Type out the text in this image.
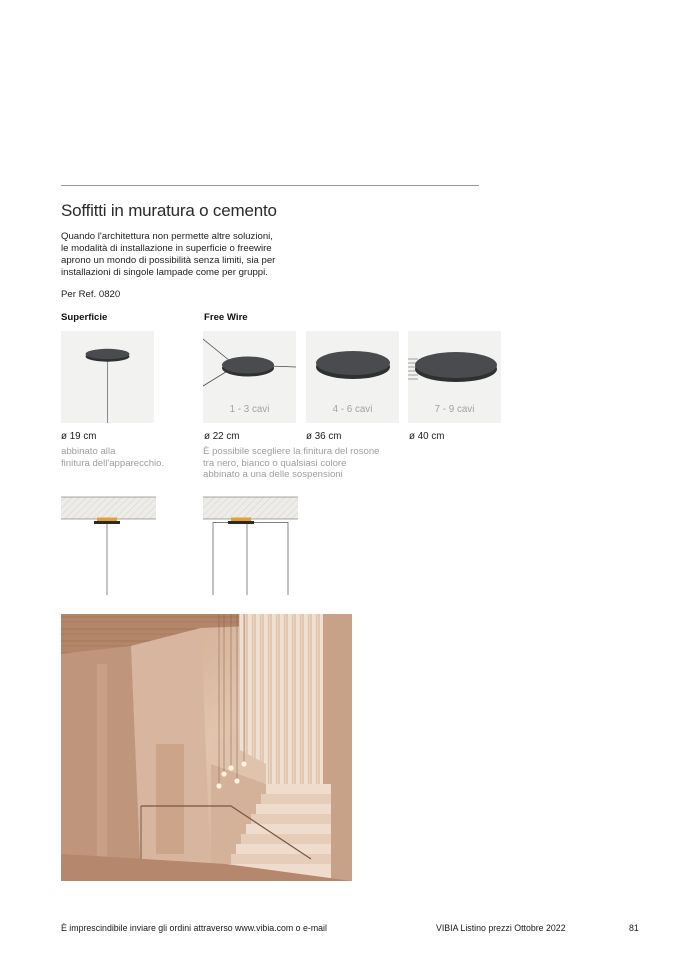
Soffitti in muratura o cemento

Quando l'architettura non permette altre soluzioni,
le modalità di installazione in superficie o freewire
aprono un mondo di possibilità senza limiti, sia per
installazioni di singole lampade come per gruppi.

Per Ref. 0820
Superficie	Free Wire
1 - 3 cavi	4 - 6 cavi	7 - 9 cavi
ø 19 cm	ø 22 cm	ø 36 cm	ø 40 cm

abbinato alla
finitura dell'apparecchio.

È possibile scegliere la finitura del rosone
tra nero, bianco o qualsiasi colore
abbinato a una delle sospensioni

È imprescindibile inviare gli ordini attraverso www.vibia.com o e-mail	VIBIA Listino prezzi Ottobre 2022	81
